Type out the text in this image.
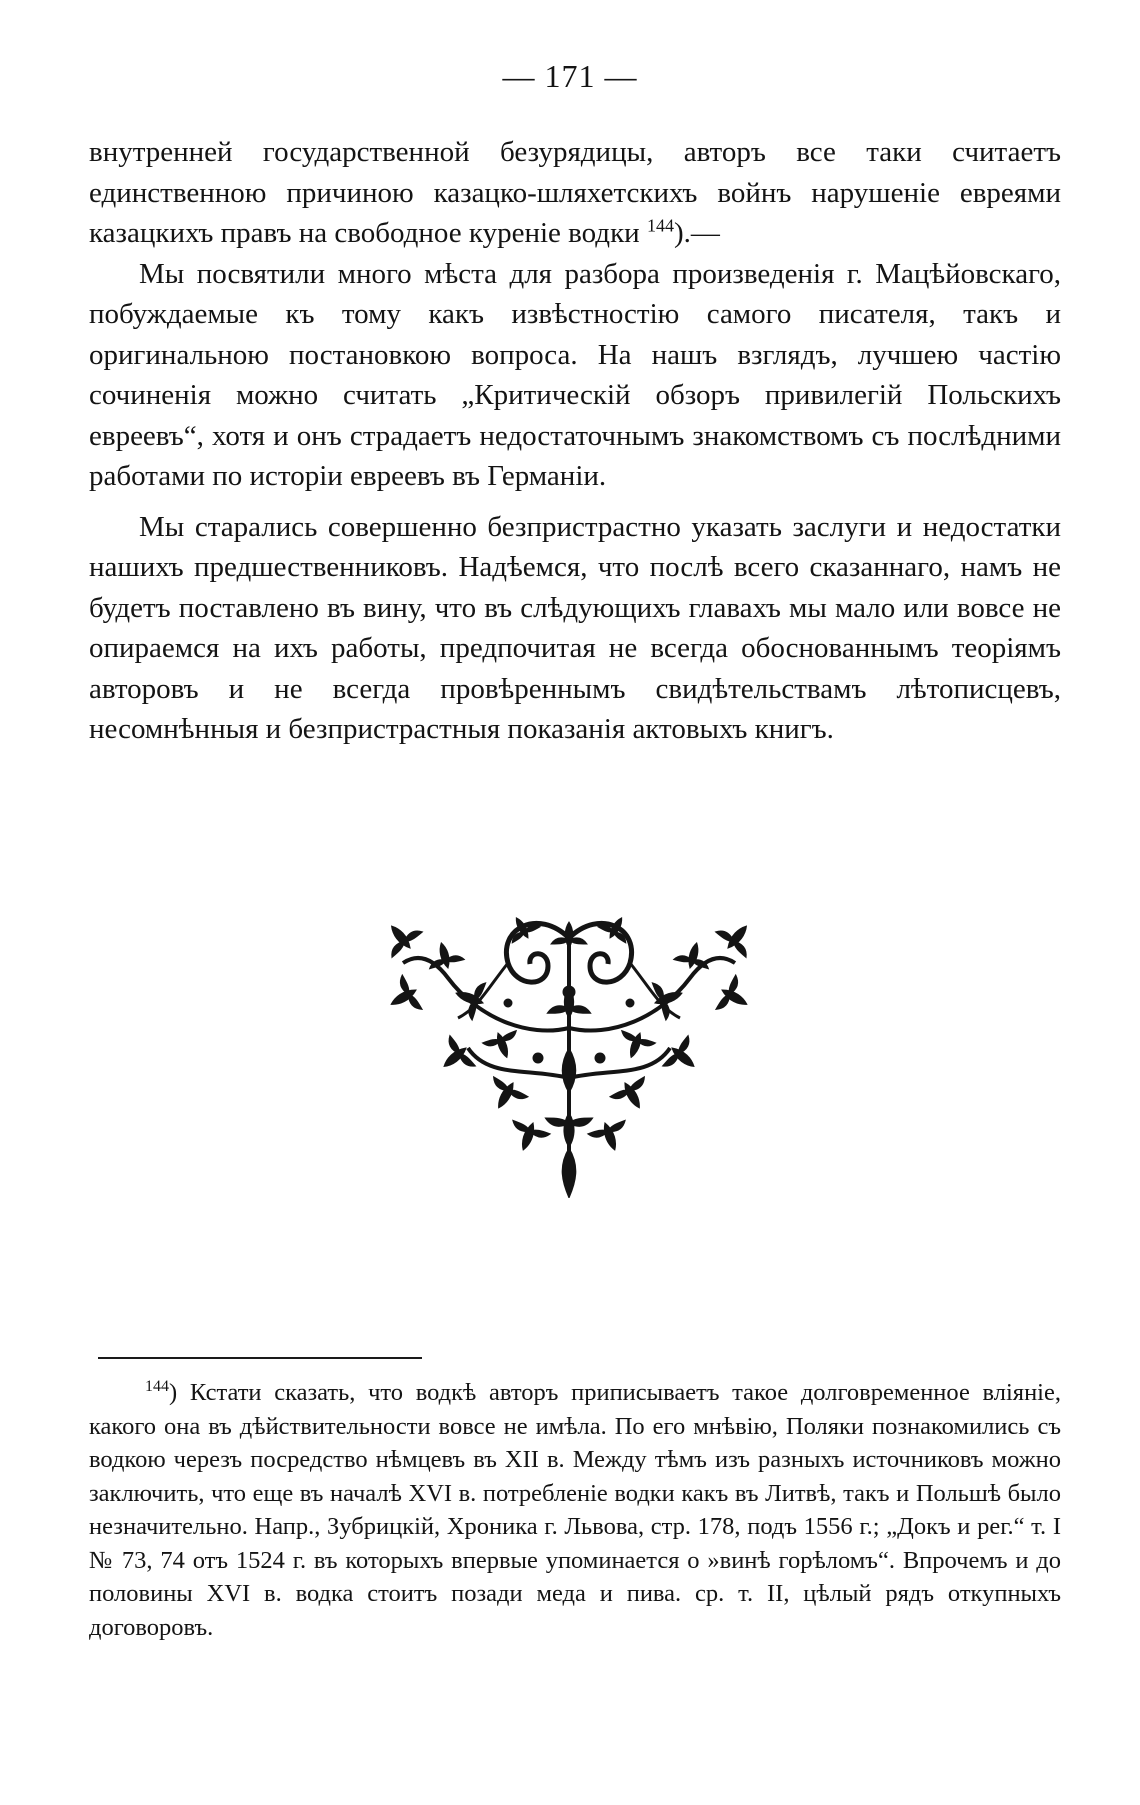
— 171 —

внутренней государственной безурядицы, авторъ все таки считаетъ единственною причиною казацко-шляхетскихъ войнъ нарушеніе евреями казацкихъ правъ на свободное куреніе водки $^{144}$).—

Мы посвятили много мѣста для разбора произведенія г. Мацѣйовскаго, побуждаемые къ тому какъ извѣстностію самого писателя, такъ и оригинальною постановкою вопроса. На нашъ взглядъ, лучшею частію сочиненія можно считать „Критическій обзоръ привилегій Польскихъ евреевъ“, хотя и онъ страдаетъ недостаточнымъ знакомствомъ съ послѣдними работами по исторіи евреевъ въ Германіи.

Мы старались совершенно безпристрастно указать заслуги и недостатки нашихъ предшественниковъ. Надѣемся, что послѣ всего сказаннаго, намъ не будетъ поставлено въ вину, что въ слѣдующихъ главахъ мы мало или вовсе не опираемся на ихъ работы, предпочитая не всегда обоснованнымъ теоріямъ авторовъ и не всегда провѣреннымъ свидѣтельствамъ лѣтописцевъ, несомнѣнныя и безпристрастныя показанія актовыхъ книгъ.

$^{144}$) Кстати сказать, что водкѣ авторъ приписываетъ такое долговременное вліяніе, какого она въ дѣйствительности вовсе не имѣла. По его мнѣвію, Поляки познакомились съ водкою черезъ посредство нѣмцевъ въ XII в. Между тѣмъ изъ разныхъ источниковъ можно заключить, что еще въ началѣ XVI в. потребленіе водки какъ въ Литвѣ, такъ и Польшѣ было незначительно. Напр., Зубрицкій, Хроника г. Львова, стр. 178, подъ 1556 г.; „Докъ и рег.“ т. I № 73, 74 отъ 1524 г. въ которыхъ впервые упоминается о »винѣ горѣломъ“. Впрочемъ и до половины XVI в. водка стоитъ позади меда и пива. ср. т. II, цѣлый рядъ откупныхъ договоровъ.
